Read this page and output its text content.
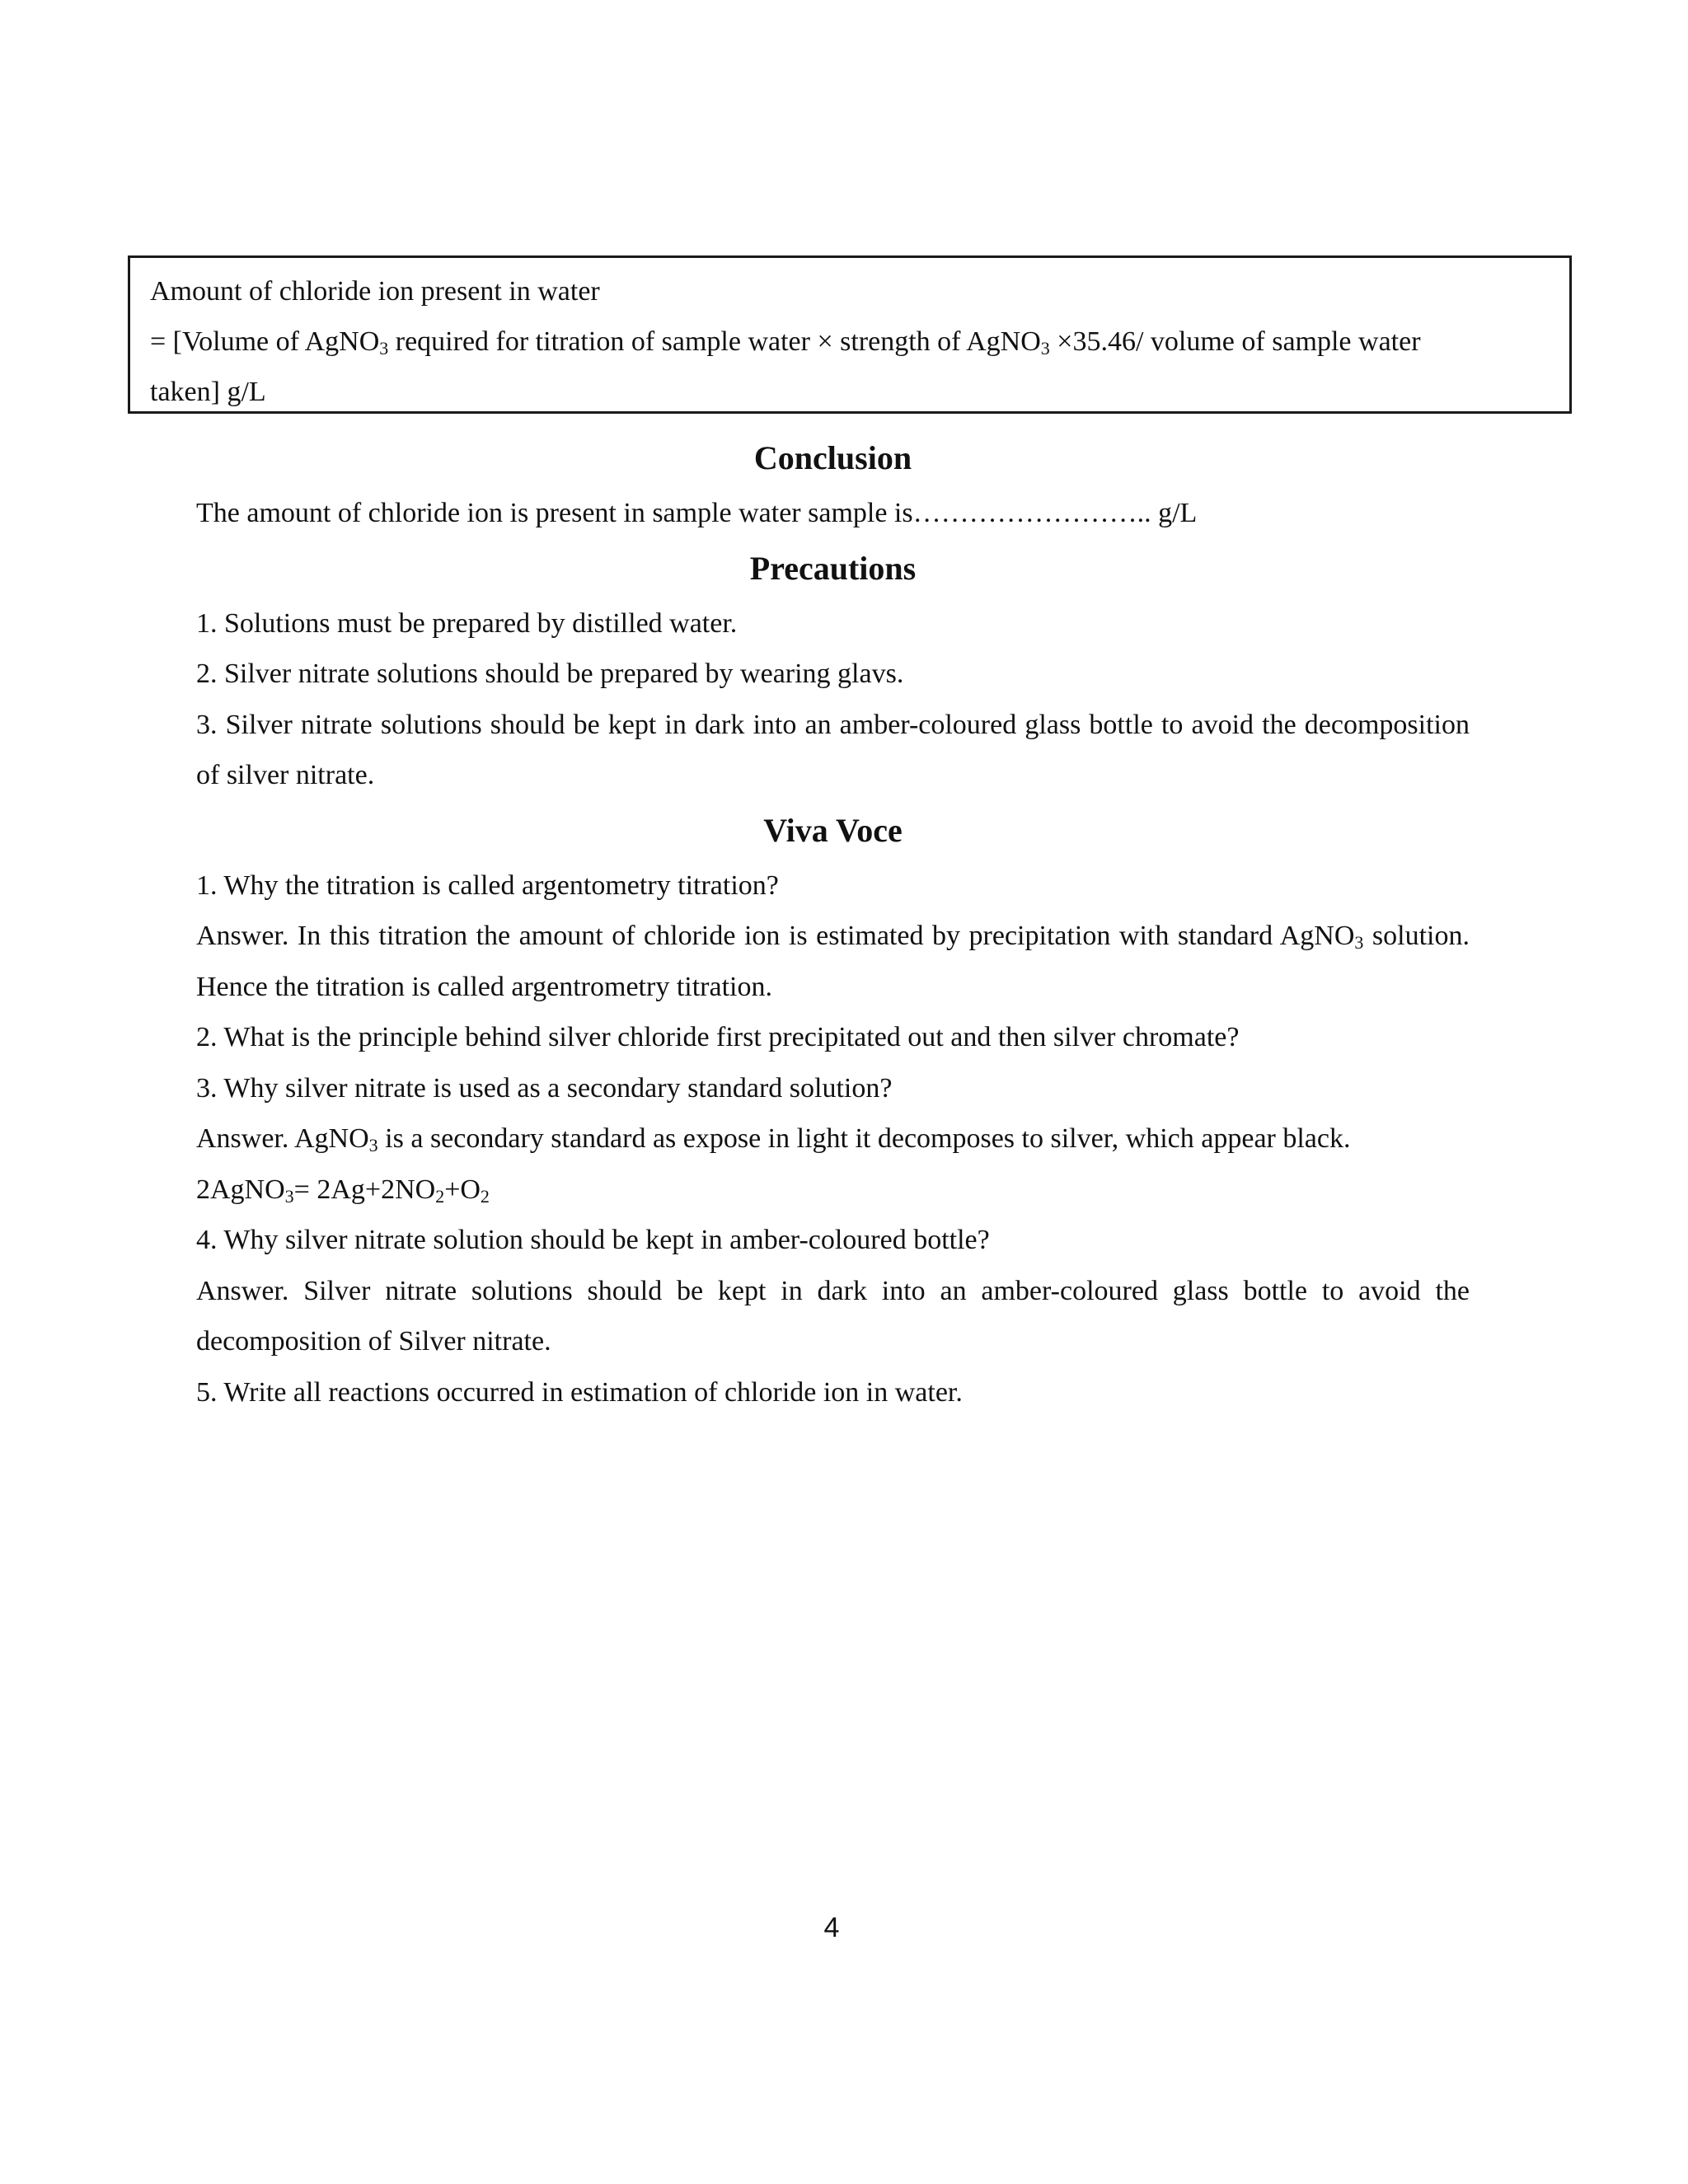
Amount of chloride ion present in water
= [Volume of AgNO$_3$ required for titration of sample water × strength of AgNO$_3$ ×35.46/ volume of sample water
taken] g/L
Conclusion

The amount of chloride ion is present in sample water sample is…………………….. g/L

Precautions

1. Solutions must be prepared by distilled water.

2. Silver nitrate solutions should be prepared by wearing glavs.

3. Silver nitrate solutions should be kept in dark into an amber-coloured glass bottle to avoid the decomposition of silver nitrate.

Viva Voce

1. Why the titration is called argentometry titration?

Answer. In this titration the amount of chloride ion is estimated by precipitation with standard AgNO$_3$ solution. Hence the titration is called argentrometry titration.

2. What is the principle behind silver chloride first precipitated out and then silver chromate?

3. Why silver nitrate is used as a secondary standard solution?

Answer. AgNO$_3$ is a secondary standard as expose in light it decomposes to silver, which appear black.

2AgNO$_3$= $2Ag+2NO_2+O_2$

4. Why silver nitrate solution should be kept in amber-coloured bottle?

Answer. Silver nitrate solutions should be kept in dark into an amber-coloured glass bottle to avoid the decomposition of Silver nitrate.

5. Write all reactions occurred in estimation of chloride ion in water.

4
